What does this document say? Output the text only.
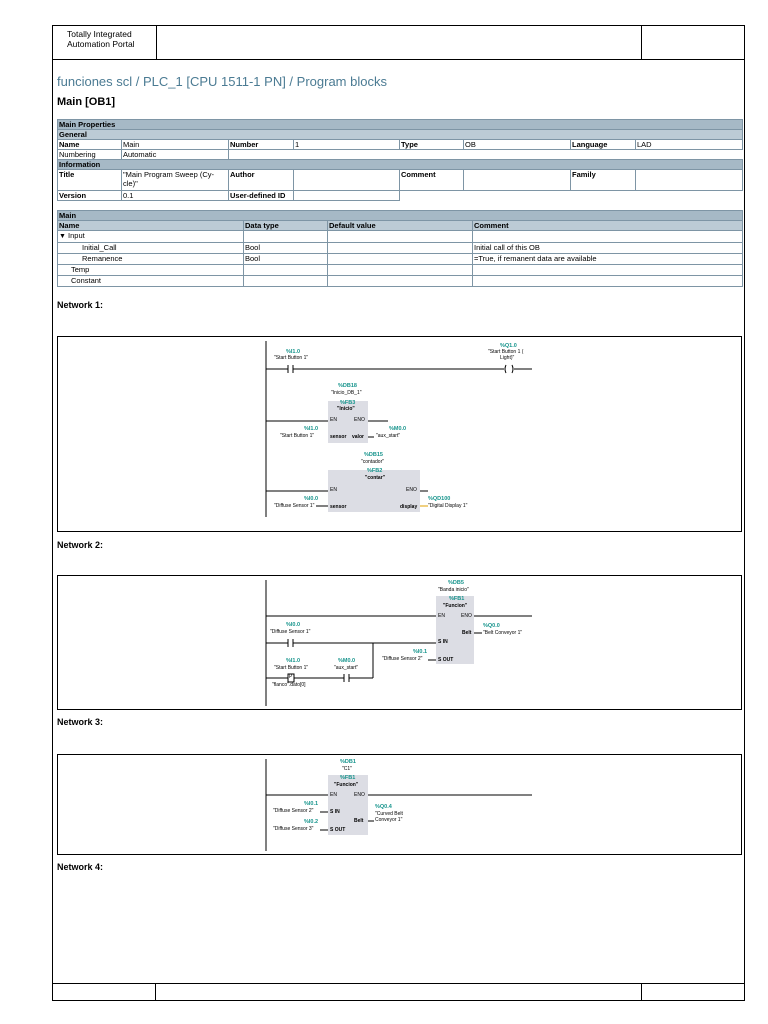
Totally Integrated
Automation Portal
funciones scl / PLC_1 [CPU 1511-1 PN] / Program blocks
Main [OB1]
Main Properties							
General							
Name	Main	Number	1	Type	OB	Language	LAD
Numbering	Automatic						
Information							
Title	"Main Program Sweep (Cy-cle)"	Author		Comment		Family	
Version	0.1	User-defined ID					
Main			
Name	Data type	Default value	Comment
▼ Input			
Initial_Call	Bool		Initial call of this OB
Remanence	Bool		=True, if remanent data are available
Temp			
Constant			
Network 1:
%I1.0
"Start Button 1"
%Q1.0
"Start Button 1 (
Light)"
%DB18
"Inicio_DB_1"
%FB3
"Inicio"
EN	ENO
%I1.0
"Start Button 1"	sensor valor
%M0.0
"aux_start"
%DB15
"contador"
%FB2
"contar"
EN	ENO
%I0.0
"Diffuse Sensor 1"	sensor	display
%QD100
"Digital Display 1"
Network 2:
%DB5
"Banda inicio"
%FB1
"Funcion"
EN	ENO
%I0.0
"Diffuse Sensor 1"	Belt
%Q0.0
"Belt Conveyor 1"
S IN
%I0.1
"Diffuse Sensor 2"	S OUT
%I1.0
"Start Button 1"
P
"flanco".dato[0]
%M0.0
"aux_start"
Network 3:
%DB1
"C1"
%FB1
"Funcion"
EN	ENO
%I0.1
"Diffuse Sensor 2"	S IN
Belt
%Q0.4
"Curved Belt
Conveyor 1"
%I0.2
"Diffuse Sensor 3"	S OUT
Network 4:
